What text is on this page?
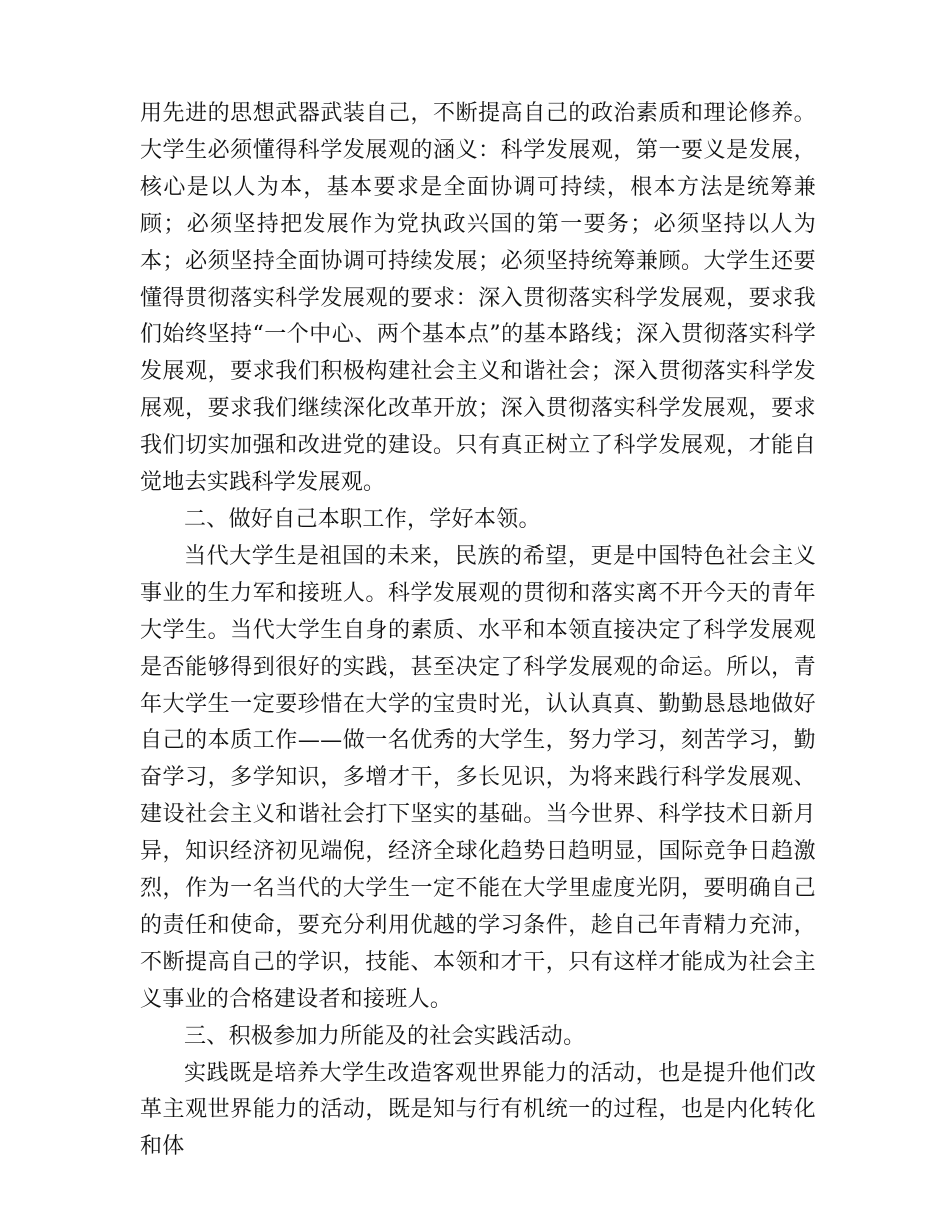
用先进的思想武器武装自己，不断提高自己的政治素质和理论修养。大学生必须懂得科学发展观的涵义：科学发展观，第一要义是发展，核心是以人为本，基本要求是全面协调可持续，根本方法是统筹兼顾；必须坚持把发展作为党执政兴国的第一要务；必须坚持以人为本；必须坚持全面协调可持续发展；必须坚持统筹兼顾。大学生还要懂得贯彻落实科学发展观的要求：深入贯彻落实科学发展观，要求我们始终坚持“一个中心、两个基本点”的基本路线；深入贯彻落实科学发展观，要求我们积极构建社会主义和谐社会；深入贯彻落实科学发展观，要求我们继续深化改革开放；深入贯彻落实科学发展观，要求我们切实加强和改进党的建设。只有真正树立了科学发展观，才能自觉地去实践科学发展观。

二、做好自己本职工作，学好本领。

当代大学生是祖国的未来，民族的希望，更是中国特色社会主义事业的生力军和接班人。科学发展观的贯彻和落实离不开今天的青年大学生。当代大学生自身的素质、水平和本领直接决定了科学发展观是否能够得到很好的实践，甚至决定了科学发展观的命运。所以，青年大学生一定要珍惜在大学的宝贵时光，认认真真、勤勤恳恳地做好自己的本质工作——做一名优秀的大学生，努力学习，刻苦学习，勤奋学习，多学知识，多增才干，多长见识，为将来践行科学发展观、建设社会主义和谐社会打下坚实的基础。当今世界、科学技术日新月异，知识经济初见端倪，经济全球化趋势日趋明显，国际竞争日趋激烈，作为一名当代的大学生一定不能在大学里虚度光阴，要明确自己的责任和使命，要充分利用优越的学习条件，趁自己年青精力充沛，不断提高自己的学识，技能、本领和才干，只有这样才能成为社会主义事业的合格建设者和接班人。

三、积极参加力所能及的社会实践活动。

实践既是培养大学生改造客观世界能力的活动，也是提升他们改革主观世界能力的活动，既是知与行有机统一的过程，也是内化转化和体
